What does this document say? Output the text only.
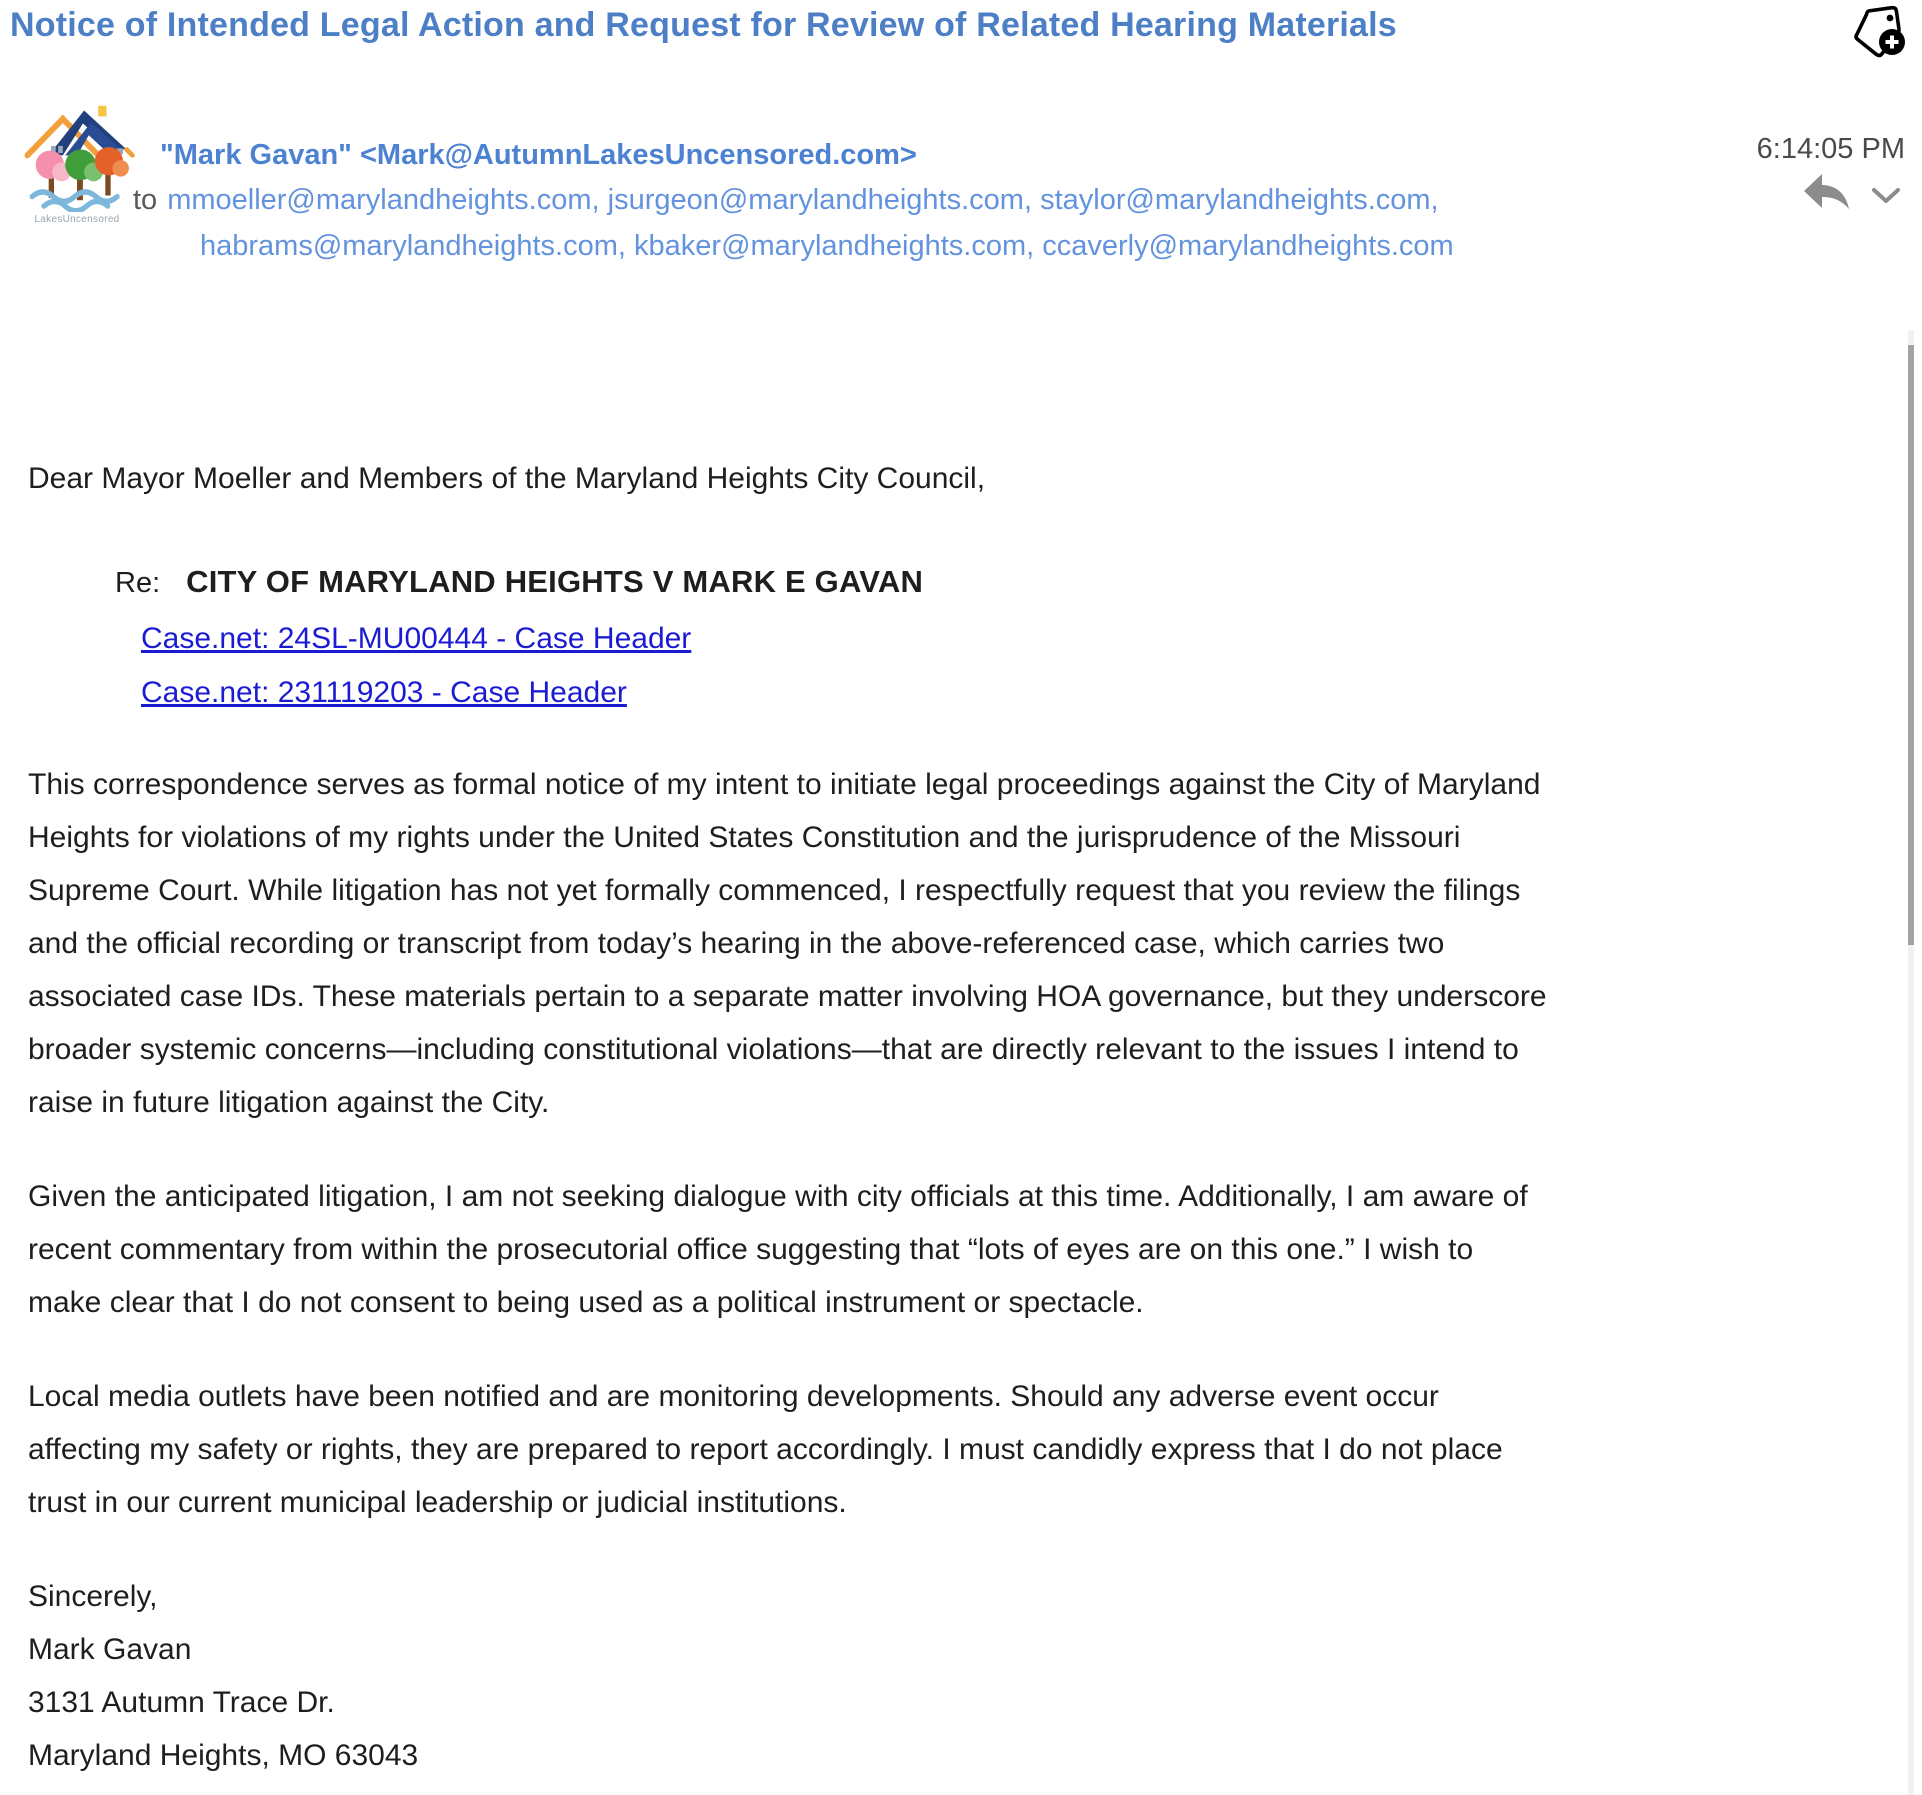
Notice of Intended Legal Action and Request for Review of Related Hearing Materials
LakesUncensored
"Mark Gavan" <Mark@AutumnLakesUncensored.com>
to mmoeller@marylandheights.com, jsurgeon@marylandheights.com, staylor@marylandheights.com,
habrams@marylandheights.com, kbaker@marylandheights.com, ccaverly@marylandheights.com
6:14:05 PM
Dear Mayor Moeller and Members of the Maryland Heights City Council,
Re: CITY OF MARYLAND HEIGHTS V MARK E GAVAN
Case.net: 24SL-MU00444 - Case Header
Case.net: 231119203 - Case Header

This correspondence serves as formal notice of my intent to initiate legal proceedings against the City of Maryland Heights for violations of my rights under the United States Constitution and the jurisprudence of the Missouri Supreme Court. While litigation has not yet formally commenced, I respectfully request that you review the filings and the official recording or transcript from today’s hearing in the above-referenced case, which carries two associated case IDs. These materials pertain to a separate matter involving HOA governance, but they underscore broader systemic concerns—including constitutional violations—that are directly relevant to the issues I intend to raise in future litigation against the City.

Given the anticipated litigation, I am not seeking dialogue with city officials at this time. Additionally, I am aware of recent commentary from within the prosecutorial office suggesting that “lots of eyes are on this one.” I wish to make clear that I do not consent to being used as a political instrument or spectacle.

Local media outlets have been notified and are monitoring developments. Should any adverse event occur affecting my safety or rights, they are prepared to report accordingly. I must candidly express that I do not place trust in our current municipal leadership or judicial institutions.

Sincerely,
Mark Gavan
3131 Autumn Trace Dr.
Maryland Heights, MO 63043
